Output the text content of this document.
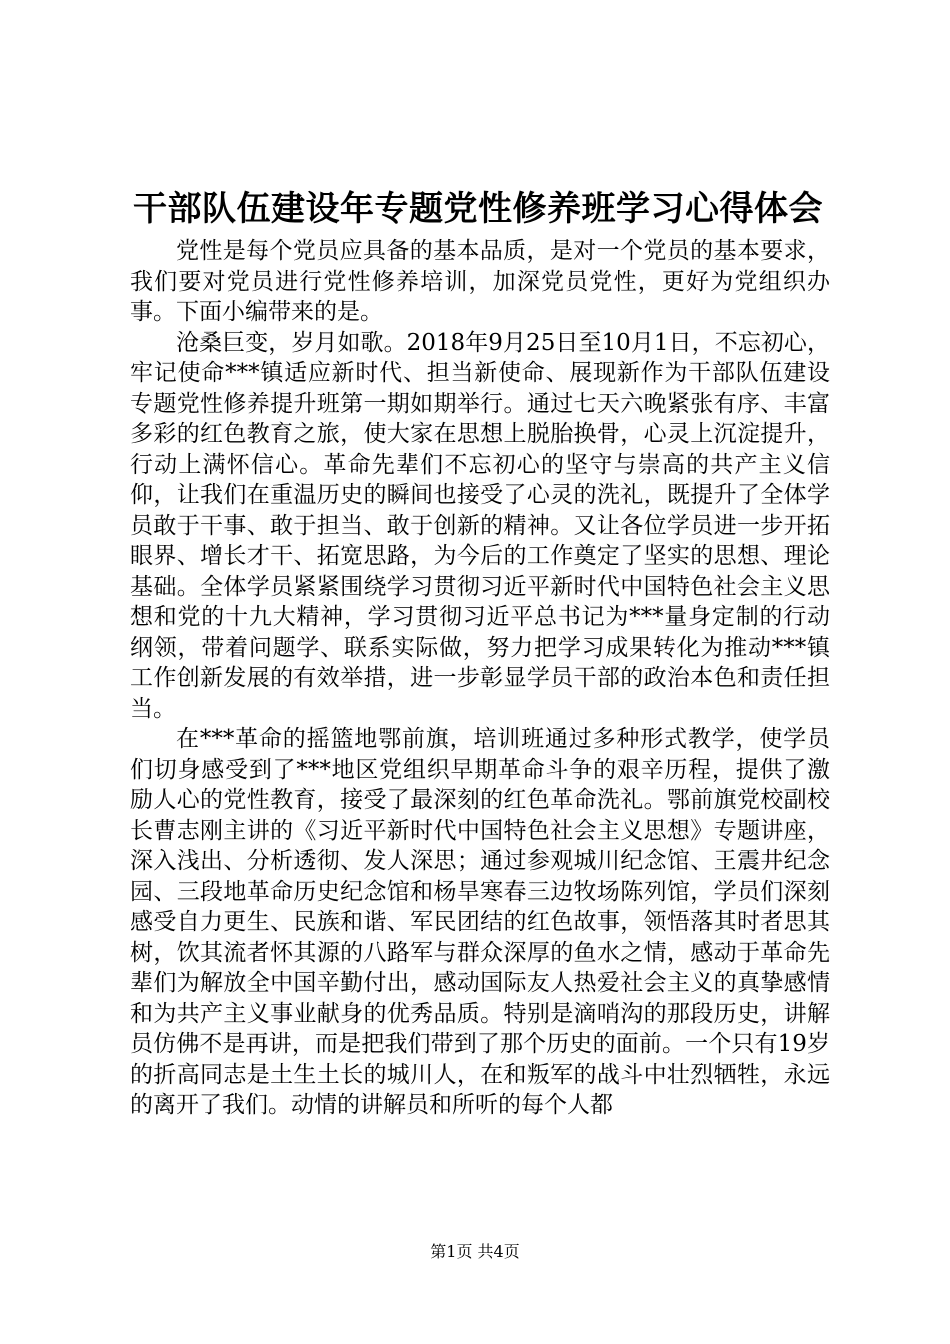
干部队伍建设年专题党性修养班学习心得体会

党性是每个党员应具备的基本品质，是对一个党员的基本要求，我们要对党员进行党性修养培训，加深党员党性，更好为党组织办事。下面小编带来的是。

沧桑巨变，岁月如歌。2018年9月25日至10月1日，不忘初心，牢记使命***镇适应新时代、担当新使命、展现新作为干部队伍建设专题党性修养提升班第一期如期举行。通过七天六晚紧张有序、丰富多彩的红色教育之旅，使大家在思想上脱胎换骨，心灵上沉淀提升，行动上满怀信心。革命先辈们不忘初心的坚守与崇高的共产主义信仰，让我们在重温历史的瞬间也接受了心灵的洗礼，既提升了全体学员敢于干事、敢于担当、敢于创新的精神。又让各位学员进一步开拓眼界、增长才干、拓宽思路，为今后的工作奠定了坚实的思想、理论基础。全体学员紧紧围绕学习贯彻习近平新时代中国特色社会主义思想和党的十九大精神，学习贯彻习近平总书记为***量身定制的行动纲领，带着问题学、联系实际做，努力把学习成果转化为推动***镇工作创新发展的有效举措，进一步彰显学员干部的政治本色和责任担当。

在***革命的摇篮地鄂前旗，培训班通过多种形式教学，使学员们切身感受到了***地区党组织早期革命斗争的艰辛历程，提供了激励人心的党性教育，接受了最深刻的红色革命洗礼。鄂前旗党校副校长曹志刚主讲的《习近平新时代中国特色社会主义思想》专题讲座，深入浅出、分析透彻、发人深思；通过参观城川纪念馆、王震井纪念园、三段地革命历史纪念馆和杨旱寒春三边牧场陈列馆，学员们深刻感受自力更生、民族和谐、军民团结的红色故事，领悟落其时者思其树，饮其流者怀其源的八路军与群众深厚的鱼水之情，感动于革命先辈们为解放全中国辛勤付出，感动国际友人热爱社会主义的真挚感情和为共产主义事业献身的优秀品质。特别是滴哨沟的那段历史，讲解员仿佛不是再讲，而是把我们带到了那个历史的面前。一个只有19岁的折高同志是土生土长的城川人，在和叛军的战斗中壮烈牺牲，永远的离开了我们。动情的讲解员和所听的每个人都

第1页 共4页
